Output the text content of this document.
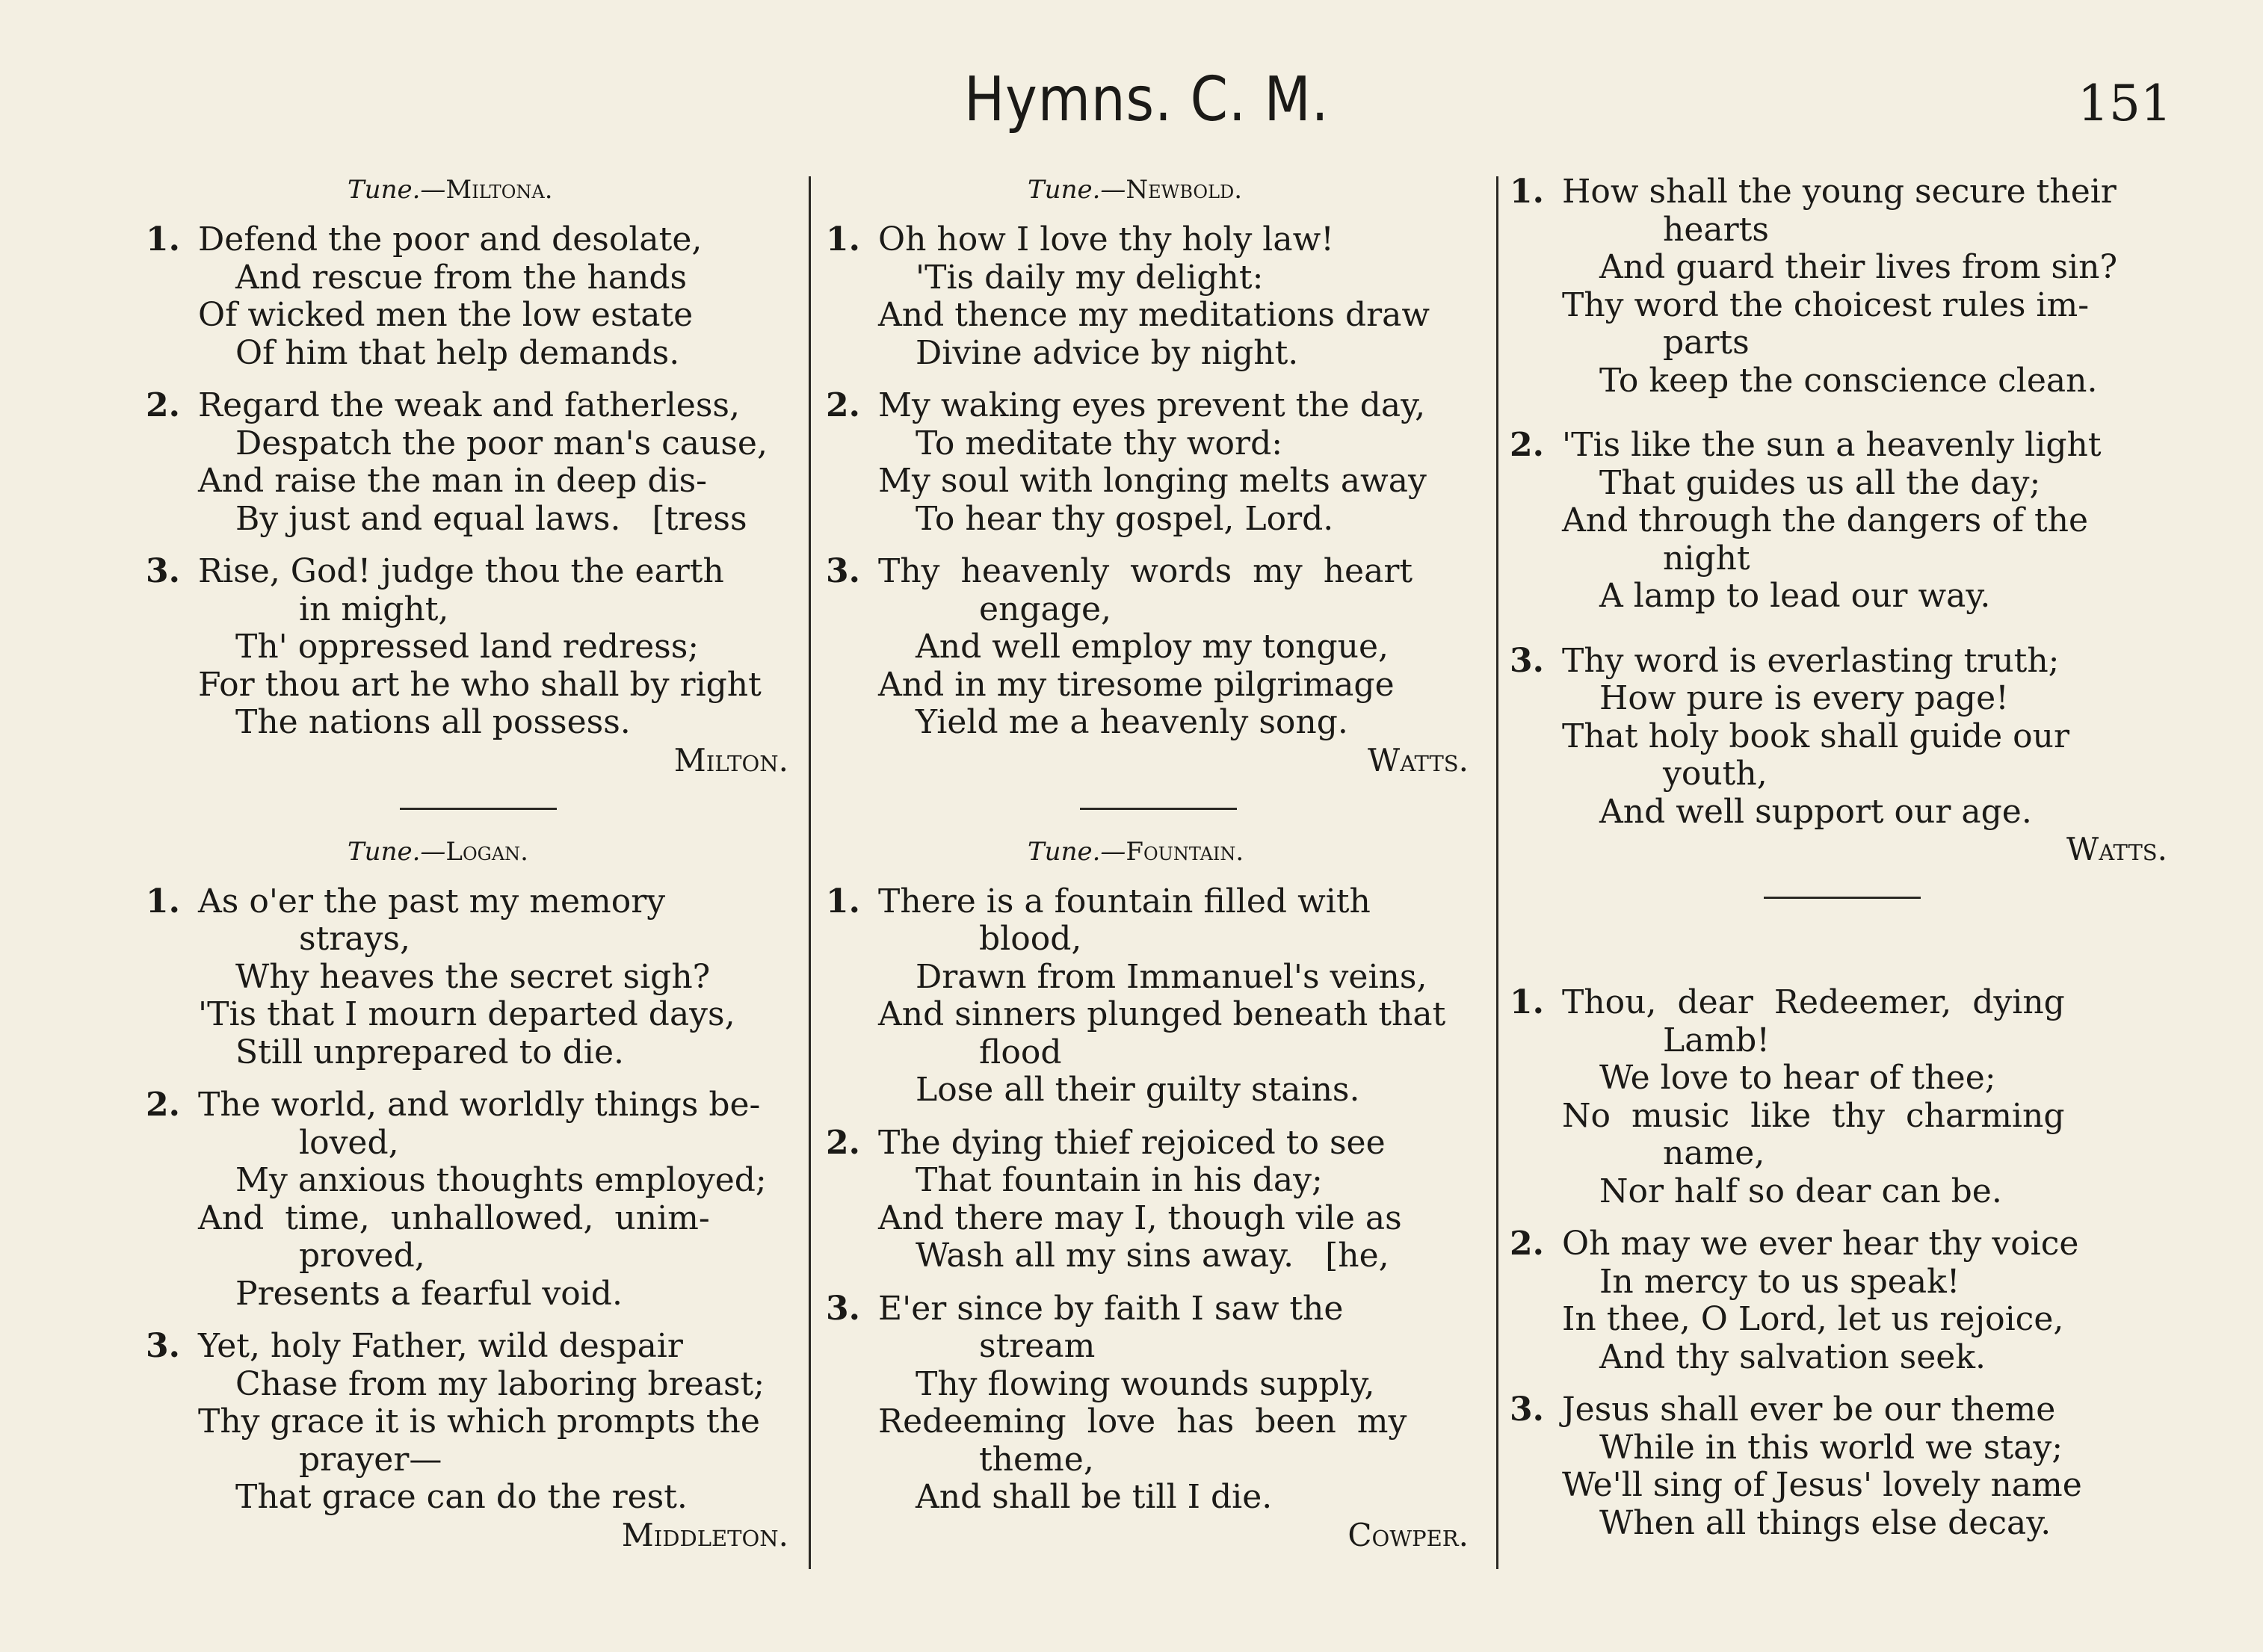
Hymns. C. M.	151
Tune.—Miltona.
1. Defend the poor and desolate,
And rescue from the hands
Of wicked men the low estate
Of him that help demands.
2. Regard the weak and fatherless,
Despatch the poor man's cause,
And raise the man in deep dis-
By just and equal laws.   [tress
3. Rise, God! judge thou the earth
in might,
Th' oppressed land redress;
For thou art he who shall by right
The nations all possess.
Milton.
Tune.—Logan.
1. As o'er the past my memory
strays,
Why heaves the secret sigh?
'Tis that I mourn departed days,
Still unprepared to die.
2. The world, and worldly things be-
loved,
My anxious thoughts employed;
And  time,  unhallowed,  unim-
proved,
Presents a fearful void.
3. Yet, holy Father, wild despair
Chase from my laboring breast;
Thy grace it is which prompts the
prayer—
That grace can do the rest.
Middleton.
Tune.—Newbold.
1. Oh how I love thy holy law!
'Tis daily my delight:
And thence my meditations draw
Divine advice by night.
2. My waking eyes prevent the day,
To meditate thy word:
My soul with longing melts away
To hear thy gospel, Lord.
3. Thy  heavenly  words  my  heart
engage,
And well employ my tongue,
And in my tiresome pilgrimage
Yield me a heavenly song.
Watts.
Tune.—Fountain.
1. There is a fountain filled with
blood,
Drawn from Immanuel's veins,
And sinners plunged beneath that
flood
Lose all their guilty stains.
2. The dying thief rejoiced to see
That fountain in his day;
And there may I, though vile as
Wash all my sins away.   [he,
3. E'er since by faith I saw the
stream
Thy flowing wounds supply,
Redeeming  love  has  been  my
theme,
And shall be till I die.
Cowper.
1. How shall the young secure their
hearts
And guard their lives from sin?
Thy word the choicest rules im-
parts
To keep the conscience clean.
2. 'Tis like the sun a heavenly light
That guides us all the day;
And through the dangers of the
night
A lamp to lead our way.
3. Thy word is everlasting truth;
How pure is every page!
That holy book shall guide our
youth,
And well support our age.
Watts.
1. Thou,  dear  Redeemer,  dying
Lamb!
We love to hear of thee;
No  music  like  thy  charming
name,
Nor half so dear can be.
2. Oh may we ever hear thy voice
In mercy to us speak!
In thee, O Lord, let us rejoice,
And thy salvation seek.
3. Jesus shall ever be our theme
While in this world we stay;
We'll sing of Jesus' lovely name
When all things else decay.
